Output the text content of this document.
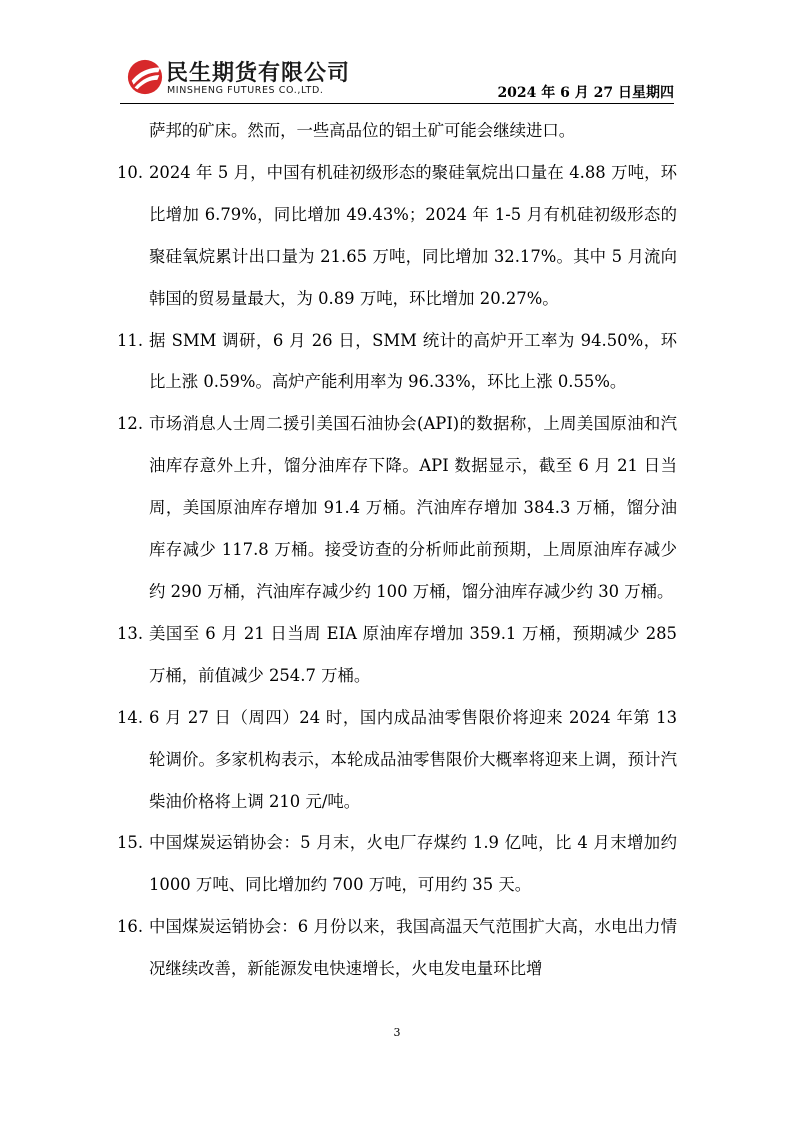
民生期货有限公司
MINSHENG FUTURES CO.,LTD.	2024 年 6 月 27 日星期四

萨邦的矿床。然而，一些高品位的铝土矿可能会继续进口。

10. 2024 年 5 月，中国有机硅初级形态的聚硅氧烷出口量在 4.88 万吨，环比增加 6.79%，同比增加 49.43%；2024 年 1-5 月有机硅初级形态的聚硅氧烷累计出口量为 21.65 万吨，同比增加 32.17%。其中 5 月流向韩国的贸易量最大，为 0.89 万吨，环比增加 20.27%。
11. 据 SMM 调研，6 月 26 日，SMM 统计的高炉开工率为 94.50%，环比上涨 0.59%。高炉产能利用率为 96.33%，环比上涨 0.55%。
12. 市场消息人士周二援引美国石油协会(API)的数据称，上周美国原油和汽油库存意外上升，馏分油库存下降。API 数据显示，截至 6 月 21 日当周，美国原油库存增加 91.4 万桶。汽油库存增加 384.3 万桶，馏分油库存减少 117.8 万桶。接受访查的分析师此前预期，上周原油库存减少约 290 万桶，汽油库存减少约 100 万桶，馏分油库存减少约 30 万桶。
13. 美国至 6 月 21 日当周 EIA 原油库存增加 359.1 万桶，预期减少 285 万桶，前值减少 254.7 万桶。
14. 6 月 27 日（周四）24 时，国内成品油零售限价将迎来 2024 年第 13 轮调价。多家机构表示，本轮成品油零售限价大概率将迎来上调，预计汽柴油价格将上调 210 元/吨。
15. 中国煤炭运销协会：5 月末，火电厂存煤约 1.9 亿吨，比 4 月末增加约 1000 万吨、同比增加约 700 万吨，可用约 35 天。
16. 中国煤炭运销协会：6 月份以来，我国高温天气范围扩大高，水电出力情况继续改善，新能源发电快速增长，火电发电量环比增
3
